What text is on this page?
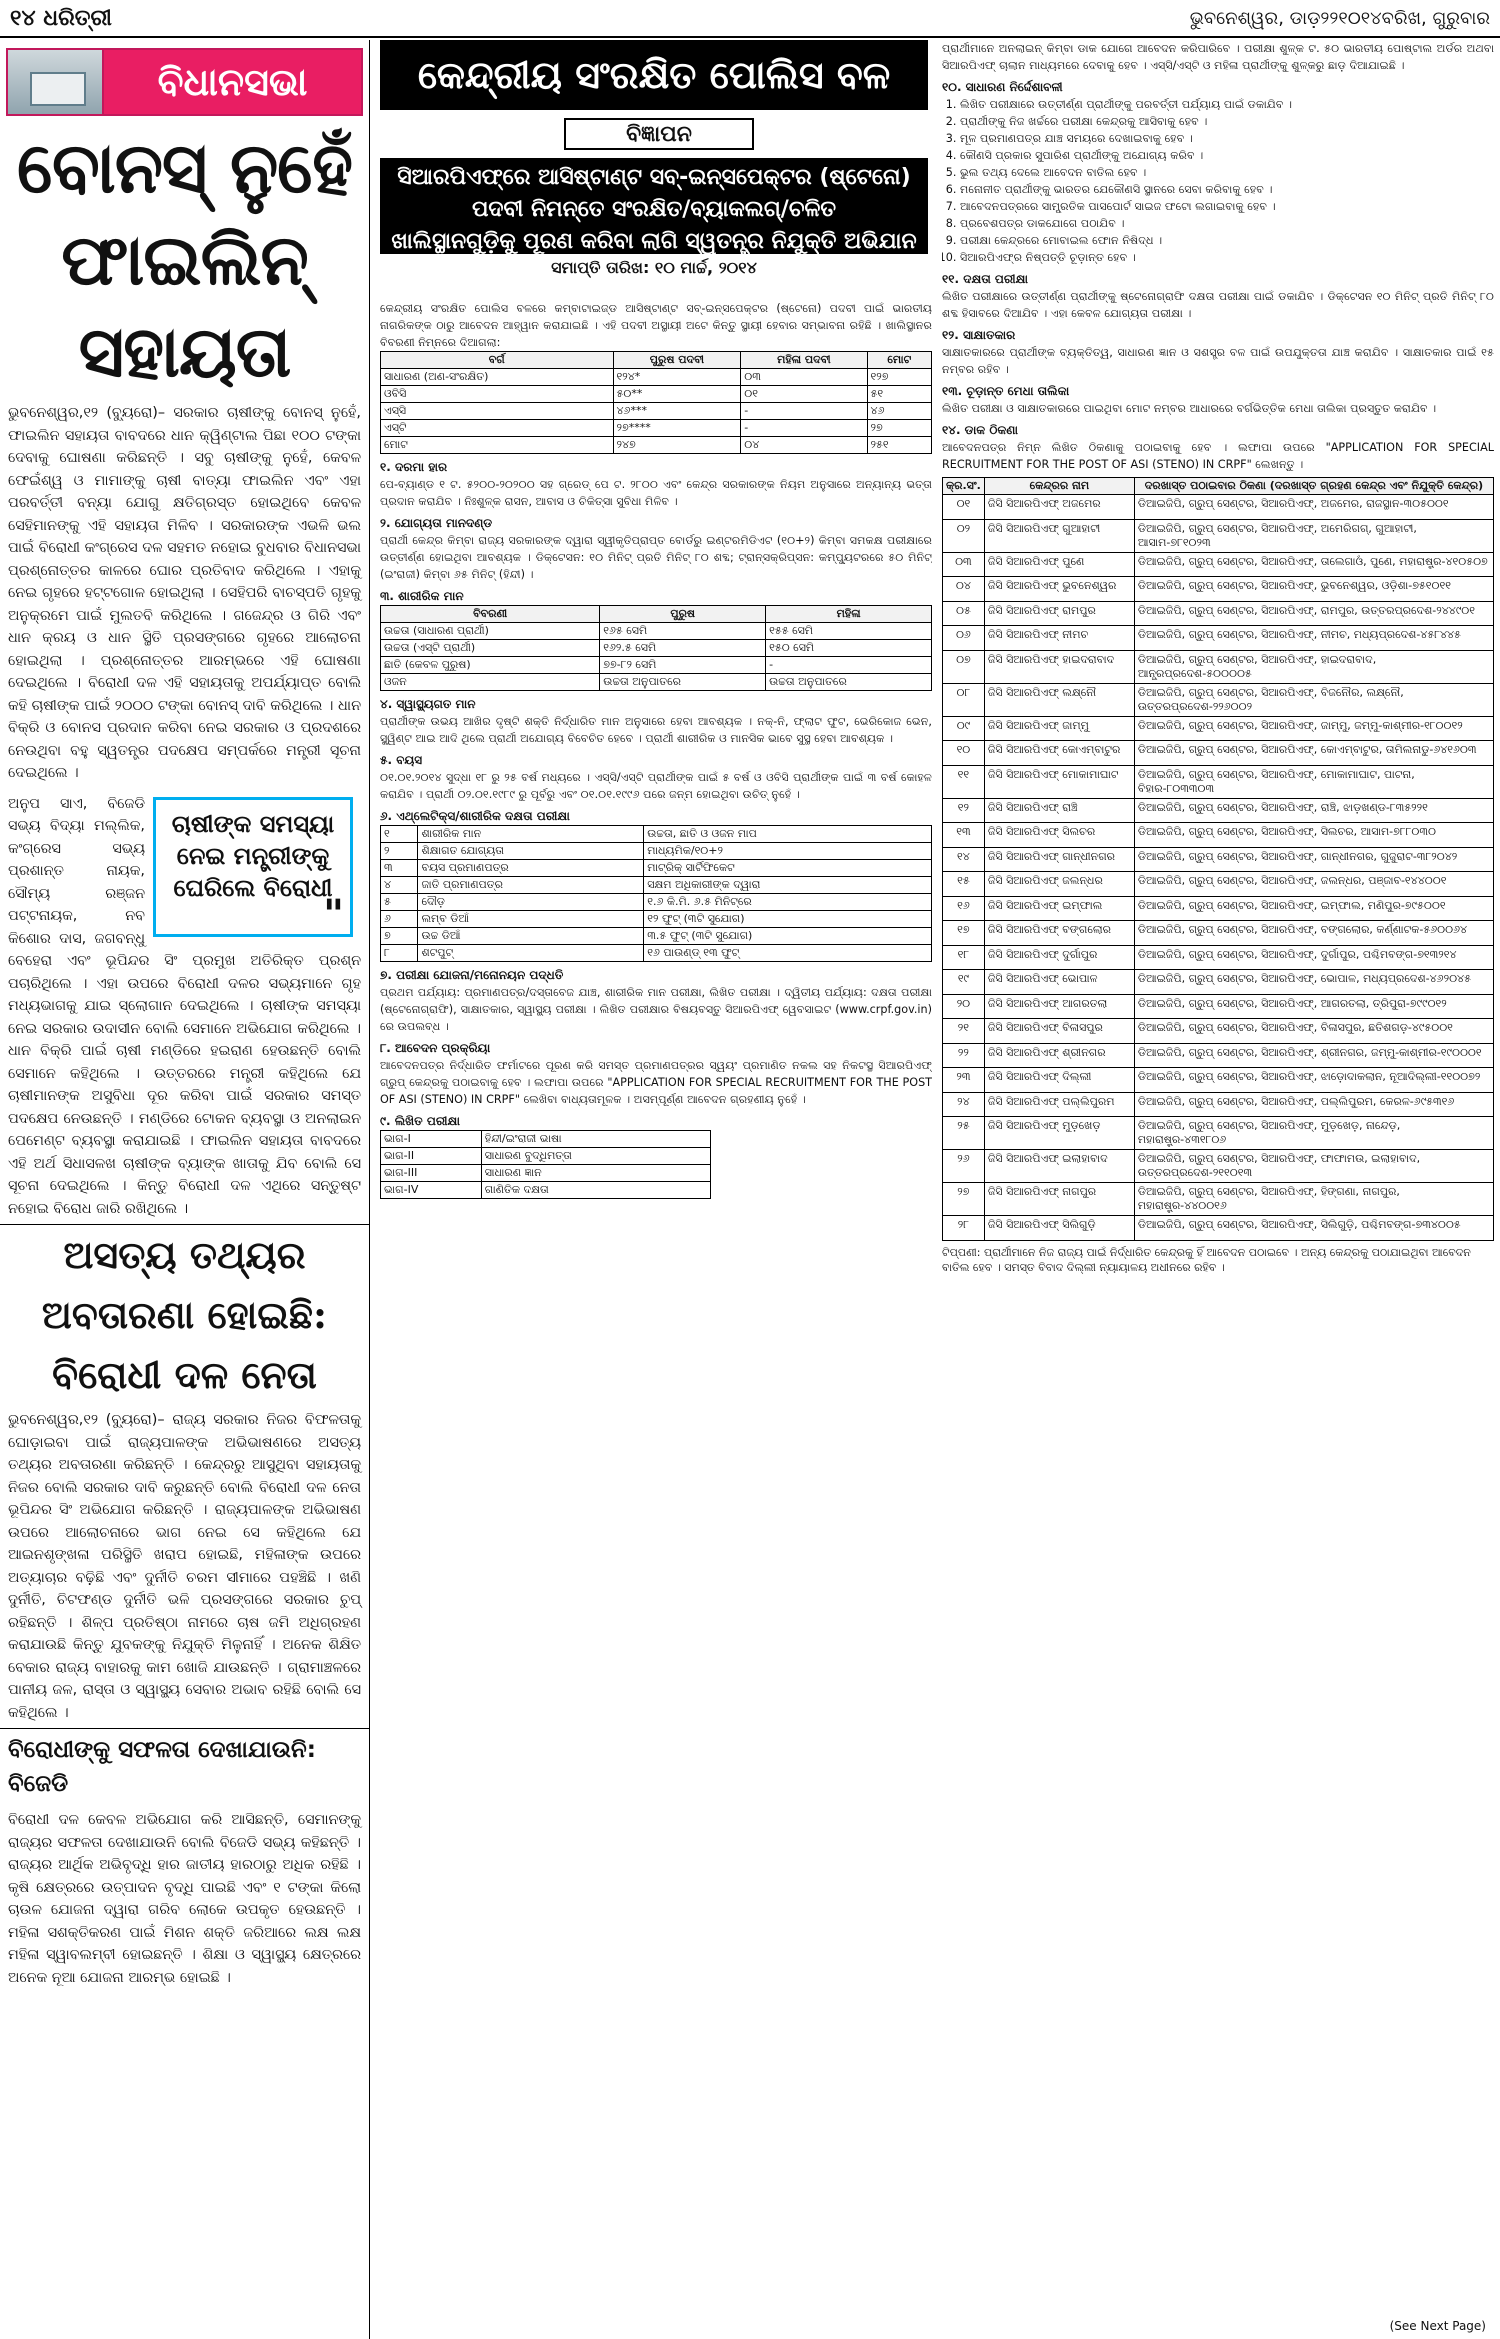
୧୪ ଧରିତ୍ରୀ	ଭୁବନେଶ୍ୱର, ଡାଡ଼୨୨୧୦୧୪ବରିଖ, ଗୁରୁବାର
ବିଧାନସଭା
ବୋନସ୍ ନୁହେଁ
ଫାଇଲିନ୍ ସହାୟତା
ଭୁବନେଶ୍ୱର,୧୨ (ବ୍ୟୁରୋ)– ସରକାର ଚାଷୀଙ୍କୁ ବୋନସ୍ ନୁହେଁ, ଫାଇଲିନ ସହାୟତା ବାବଦରେ ଧାନ କ୍ୱିଣ୍ଟାଲ ପିଛା ୧୦୦ ଟଙ୍କା ଦେବାକୁ ଘୋଷଣା କରିଛନ୍ତି । ସବୁ ଚାଷୀଙ୍କୁ ନୁହେଁ, କେବଳ ଫେଇଁଶ୍ୱ ଓ ମାମାଙ୍କୁ ଚାଷୀ ବାତ୍ୟା ଫାଇଲିନ ଏବଂ ଏହା ପରବର୍ତ୍ତୀ ବନ୍ୟା ଯୋଗୁ କ୍ଷତିଗ୍ରସ୍ତ ହୋଇଥିବେ କେବଳ ସେହିମାନଙ୍କୁ ଏହି ସହାୟତା ମିଳିବ । ସରକାରଙ୍କ ଏଭଳି ଭଲ ପାଇଁ ବିରୋଧୀ କଂଗ୍ରେସ ଦଳ ସହମତ ନହୋଇ ବୁଧବାର ବିଧାନସଭା ପ୍ରଶ୍ନୋତ୍ତର କାଳରେ ଘୋର ପ୍ରତିବାଦ କରିଥିଲେ । ଏହାକୁ ନେଇ ଗୃହରେ ହଟ୍ଟଗୋଳ ହୋଇଥିଲା । ସେହିପରି ବାଚସ୍ପତି ଗୃହକୁ ଅନୁକ୍ରମେ ପାଇଁ ମୁଲତବି କରିଥିଲେ । ଗଜେନ୍ଦ୍ର ଓ ଗିରି ଏବଂ ଧାନ କ୍ରୟ ଓ ଧାନ ସ୍ଥିତି ପ୍ରସଙ୍ଗରେ ଗୃହରେ ଆଲୋଚନା ହୋଇଥିଲା । ପ୍ରଶ୍ନୋତ୍ତର ଆରମ୍ଭରେ ଏହି ଘୋଷଣା ଦେଇଥିଲେ । ବିରୋଧୀ ଦଳ ଏହି ସହାୟତାକୁ ଅପର୍ଯ୍ୟାପ୍ତ ବୋଲି କହି ଚାଷୀଙ୍କ ପାଇଁ ୨୦୦୦ ଟଙ୍କା ବୋନସ୍ ଦାବି କରିଥିଲେ । ଧାନ ବିକ୍ରି ଓ ବୋନସ ପ୍ରଦାନ କରିବା ନେଇ ସରକାର ଓ ପ୍ରଦଶରେ ନେଉଥିବା ବହୁ ସ୍ୱତନ୍ତ୍ର ପଦକ୍ଷେପ ସମ୍ପର୍କରେ ମନ୍ତ୍ରୀ ସୂଚନା ଦେଇଥିଲେ ।
ଚାଷୀଙ୍କ ସମସ୍ୟା ନେଇ ମନ୍ତ୍ରୀଙ୍କୁ ଘେରିଲେ ବିରୋଧୀ
"
ଅନୁପ ସାଏ, ବିଜେଡି ସଭ୍ୟ ବିଦ୍ୟା ମଲ୍ଲିକ, କଂଗ୍ରେସ ସଭ୍ୟ ପ୍ରଶାନ୍ତ ନାୟକ, ସୌମ୍ୟ ରଞ୍ଜନ ପଟ୍ଟନାୟକ, ନବ କିଶୋର ଦାସ, ଜଗବନ୍ଧୁ ବେହେରା ଏବଂ ଭୂପିନ୍ଦର ସିଂ ପ୍ରମୁଖ ଅତିରିକ୍ତ ପ୍ରଶ୍ନ ପଚାରିଥିଲେ । ଏହା ଉପରେ ବିରୋଧୀ ଦଳର ସଭ୍ୟମାନେ ଗୃହ ମଧ୍ୟଭାଗକୁ ଯାଇ ସ୍ଲୋଗାନ ଦେଇଥିଲେ । ଚାଷୀଙ୍କ ସମସ୍ୟା ନେଇ ସରକାର ଉଦାସୀନ ବୋଲି ସେମାନେ ଅଭିଯୋଗ କରିଥିଲେ । ଧାନ ବିକ୍ରି ପାଇଁ ଚାଷୀ ମଣ୍ଡିରେ ହଇରାଣ ହେଉଛନ୍ତି ବୋଲି ସେମାନେ କହିଥିଲେ । ଉତ୍ତରରେ ମନ୍ତ୍ରୀ କହିଥିଲେ ଯେ ଚାଷୀମାନଙ୍କ ଅସୁବିଧା ଦୂର କରିବା ପାଇଁ ସରକାର ସମସ୍ତ ପଦକ୍ଷେପ ନେଉଛନ୍ତି । ମଣ୍ଡିରେ ଟୋକନ ବ୍ୟବସ୍ଥା ଓ ଅନଲାଇନ ପେମେଣ୍ଟ ବ୍ୟବସ୍ଥା କରାଯାଇଛି । ଫାଇଲିନ ସହାୟତା ବାବଦରେ ଏହି ଅର୍ଥ ସିଧାସଳଖ ଚାଷୀଙ୍କ ବ୍ୟାଙ୍କ ଖାତାକୁ ଯିବ ବୋଲି ସେ ସୂଚନା ଦେଇଥିଲେ । କିନ୍ତୁ ବିରୋଧୀ ଦଳ ଏଥିରେ ସନ୍ତୁଷ୍ଟ ନହୋଇ ବିରୋଧ ଜାରି ରଖିଥିଲେ ।
ଅସତ୍ୟ ତଥ୍ୟର ଅବତାରଣା ହୋଇଛି: ବିରୋଧୀ ଦଳ ନେତା
ଭୁବନେଶ୍ୱର,୧୨ (ବ୍ୟୁରୋ)– ରାଜ୍ୟ ସରକାର ନିଜର ବିଫଳତାକୁ ଘୋଡ଼ାଇବା ପାଇଁ ରାଜ୍ୟପାଳଙ୍କ ଅଭିଭାଷଣରେ ଅସତ୍ୟ ତଥ୍ୟର ଅବତାରଣା କରିଛନ୍ତି । କେନ୍ଦ୍ରରୁ ଆସୁଥିବା ସହାୟତାକୁ ନିଜର ବୋଲି ସରକାର ଦାବି କରୁଛନ୍ତି ବୋଲି ବିରୋଧୀ ଦଳ ନେତା ଭୂପିନ୍ଦର ସିଂ ଅଭିଯୋଗ କରିଛନ୍ତି । ରାଜ୍ୟପାଳଙ୍କ ଅଭିଭାଷଣ ଉପରେ ଆଲୋଚନାରେ ଭାଗ ନେଇ ସେ କହିଥିଲେ ଯେ ଆଇନଶୃଙ୍ଖଳା ପରିସ୍ଥିତି ଖରାପ ହୋଇଛି, ମହିଳାଙ୍କ ଉପରେ ଅତ୍ୟାଚାର ବଢ଼ିଛି ଏବଂ ଦୁର୍ନୀତି ଚରମ ସୀମାରେ ପହଞ୍ଚିଛି । ଖଣି ଦୁର୍ନୀତି, ଚିଟଫଣ୍ଡ ଦୁର୍ନୀତି ଭଳି ପ୍ରସଙ୍ଗରେ ସରକାର ଚୁପ୍ ରହିଛନ୍ତି । ଶିଳ୍ପ ପ୍ରତିଷ୍ଠା ନାମରେ ଚାଷ ଜମି ଅଧିଗ୍ରହଣ କରାଯାଉଛି କିନ୍ତୁ ଯୁବକଙ୍କୁ ନିଯୁକ୍ତି ମିଳୁନାହିଁ । ଅନେକ ଶିକ୍ଷିତ ବେକାର ରାଜ୍ୟ ବାହାରକୁ କାମ ଖୋଜି ଯାଉଛନ୍ତି । ଗ୍ରାମାଞ୍ଚଳରେ ପାନୀୟ ଜଳ, ରାସ୍ତା ଓ ସ୍ୱାସ୍ଥ୍ୟ ସେବାର ଅଭାବ ରହିଛି ବୋଲି ସେ କହିଥିଲେ ।
ବିରୋଧୀଙ୍କୁ ସଫଳତା ଦେଖାଯାଉନି: ବିଜେଡି
ବିରୋଧୀ ଦଳ କେବଳ ଅଭିଯୋଗ କରି ଆସିଛନ୍ତି, ସେମାନଙ୍କୁ ରାଜ୍ୟର ସଫଳତା ଦେଖାଯାଉନି ବୋଲି ବିଜେଡି ସଭ୍ୟ କହିଛନ୍ତି । ରାଜ୍ୟର ଆର୍ଥିକ ଅଭିବୃଦ୍ଧି ହାର ଜାତୀୟ ହାରଠାରୁ ଅଧିକ ରହିଛି । କୃଷି କ୍ଷେତ୍ରରେ ଉତ୍ପାଦନ ବୃଦ୍ଧି ପାଇଛି ଏବଂ ୧ ଟଙ୍କା କିଲୋ ଚାଉଳ ଯୋଜନା ଦ୍ୱାରା ଗରିବ ଲୋକେ ଉପକୃତ ହେଉଛନ୍ତି । ମହିଳା ସଶକ୍ତିକରଣ ପାଇଁ ମିଶନ ଶକ୍ତି ଜରିଆରେ ଲକ୍ଷ ଲକ୍ଷ ମହିଳା ସ୍ୱାବଲମ୍ବୀ ହୋଇଛନ୍ତି । ଶିକ୍ଷା ଓ ସ୍ୱାସ୍ଥ୍ୟ କ୍ଷେତ୍ରରେ ଅନେକ ନୂଆ ଯୋଜନା ଆରମ୍ଭ ହୋଇଛି ।
କେନ୍ଦ୍ରୀୟ ସଂରକ୍ଷିତ ପୋଲିସ ବଳ
ବିଜ୍ଞାପନ
ସିଆରପିଏଫ୍‌ରେ ଆସିଷ୍ଟାଣ୍ଟ ସବ୍-ଇନ୍‌ସପେକ୍ଟର (ଷ୍ଟେନୋ)
ପଦବୀ ନିମନ୍ତେ ସଂରକ୍ଷିତ/ବ୍ୟାକଲଗ୍/ଚଳିତ
ଖାଲିସ୍ଥାନଗୁଡ଼ିକୁ ପୂରଣ କରିବା ଲାଗି ସ୍ୱତନ୍ତ୍ର ନିଯୁକ୍ତି ଅଭିଯାନ
ସମାପ୍ତି ତାରିଖ: ୧୦ ମାର୍ଚ୍ଚ, ୨୦୧୪
କେନ୍ଦ୍ରୀୟ ସଂରକ୍ଷିତ ପୋଲିସ ବଳରେ କମ୍ବାଟାଇଜ୍ଡ ଆସିଷ୍ଟାଣ୍ଟ ସବ୍-ଇନ୍‌ସପେକ୍ଟର (ଷ୍ଟେନୋ) ପଦବୀ ପାଇଁ ଭାରତୀୟ ନାଗରିକଙ୍କ ଠାରୁ ଆବେଦନ ଆହ୍ୱାନ କରାଯାଇଛି । ଏହି ପଦବୀ ଅସ୍ଥାୟୀ ଅଟେ କିନ୍ତୁ ସ୍ଥାୟୀ ହେବାର ସମ୍ଭାବନା ରହିଛି । ଖାଲିସ୍ଥାନର ବିବରଣୀ ନିମ୍ନରେ ଦିଆଗଲା:
ବର୍ଗ	ପୁରୁଷ ପଦବୀ	ମହିଳା ପଦବୀ	ମୋଟ
ସାଧାରଣ (ଅଣ-ସଂରକ୍ଷିତ)	୧୨୪*	୦୩	୧୨୭
ଓବିସି	୫୦**	୦୧	୫୧
ଏସ୍‌ସି	୪୬***	-	୪୬
ଏସ୍‌ଟି	୨୭****	-	୨୭
ମୋଟ	୨୪୭	୦୪	୨୫୧
୧. ଦରମା ହାର
ପେ-ବ୍ୟାଣ୍ଡ ୧ ଟ. ୫୨୦୦-୨୦୨୦୦ ସହ ଗ୍ରେଡ୍ ପେ ଟ. ୨୮୦୦ ଏବଂ କେନ୍ଦ୍ର ସରକାରଙ୍କ ନିୟମ ଅନୁସାରେ ଅନ୍ୟାନ୍ୟ ଭତ୍ତା ପ୍ରଦାନ କରାଯିବ । ନିଃଶୁଳ୍କ ରାସନ, ଆବାସ ଓ ଚିକିତ୍ସା ସୁବିଧା ମିଳିବ ।
୨. ଯୋଗ୍ୟତା ମାନଦଣ୍ଡ
ପ୍ରାର୍ଥୀ କେନ୍ଦ୍ର କିମ୍ବା ରାଜ୍ୟ ସରକାରଙ୍କ ଦ୍ୱାରା ସ୍ୱୀକୃତିପ୍ରାପ୍ତ ବୋର୍ଡରୁ ଇଣ୍ଟରମିଡିଏଟ (୧୦+୨) କିମ୍ବା ସମକକ୍ଷ ପରୀକ୍ଷାରେ ଉତ୍ତୀର୍ଣ୍ଣ ହୋଇଥିବା ଆବଶ୍ୟକ । ଡିକ୍ଟେସନ: ୧୦ ମିନିଟ୍ ପ୍ରତି ମିନିଟ୍ ୮୦ ଶବ୍ଦ; ଟ୍ରାନ୍ସକ୍ରିପ୍‌ସନ: କମ୍ପ୍ୟୁଟରରେ ୫୦ ମିନିଟ୍ (ଇଂରାଜୀ) କିମ୍ବା ୬୫ ମିନିଟ୍ (ହିନ୍ଦୀ) ।
୩. ଶାରୀରିକ ମାନ
ବିବରଣୀ	ପୁରୁଷ	ମହିଳା
ଉଚ୍ଚତା (ସାଧାରଣ ପ୍ରାର୍ଥୀ)	୧୬୫ ସେମି	୧୫୫ ସେମି
ଉଚ୍ଚତା (ଏସ୍‌ଟି ପ୍ରାର୍ଥୀ)	୧୬୨.୫ ସେମି	୧୫୦ ସେମି
ଛାତି (କେବଳ ପୁରୁଷ)	୭୭-୮୨ ସେମି	-
ଓଜନ	ଉଚ୍ଚତା ଅନୁପାତରେ	ଉଚ୍ଚତା ଅନୁପାତରେ
୪. ସ୍ୱାସ୍ଥ୍ୟଗତ ମାନ
ପ୍ରାର୍ଥୀଙ୍କ ଉଭୟ ଆଖିର ଦୃଷ୍ଟି ଶକ୍ତି ନିର୍ଦ୍ଧାରିତ ମାନ ଅନୁସାରେ ହେବା ଆବଶ୍ୟକ । ନକ୍-ନି, ଫ୍ଲାଟ ଫୁଟ, ଭେରିକୋଜ ଭେନ, ସ୍କ୍ୱିଣ୍ଟ ଆଇ ଆଦି ଥିଲେ ପ୍ରାର୍ଥୀ ଅଯୋଗ୍ୟ ବିବେଚିତ ହେବେ । ପ୍ରାର୍ଥୀ ଶାରୀରିକ ଓ ମାନସିକ ଭାବେ ସୁସ୍ଥ ହେବା ଆବଶ୍ୟକ ।
୫. ବୟସ
୦୧.୦୧.୨୦୧୪ ସୁଦ୍ଧା ୧୮ ରୁ ୨୫ ବର୍ଷ ମଧ୍ୟରେ । ଏସ୍‌ସି/ଏସ୍‌ଟି ପ୍ରାର୍ଥୀଙ୍କ ପାଇଁ ୫ ବର୍ଷ ଓ ଓବିସି ପ୍ରାର୍ଥୀଙ୍କ ପାଇଁ ୩ ବର୍ଷ କୋହଳ କରାଯିବ । ପ୍ରାର୍ଥୀ ୦୨.୦୧.୧୯୮୯ ରୁ ପୂର୍ବରୁ ଏବଂ ୦୧.୦୧.୧୯୯୬ ପରେ ଜନ୍ମ ହୋଇଥିବା ଉଚିତ୍ ନୁହେଁ ।
୬. ଏଥ୍ଲେଟିକ୍ସ/ଶାରୀରିକ ଦକ୍ଷତା ପରୀକ୍ଷା
୧	ଶାରୀରିକ ମାନ	ଉଚ୍ଚତା, ଛାତି ଓ ଓଜନ ମାପ
୨	ଶିକ୍ଷାଗତ ଯୋଗ୍ୟତା	ମାଧ୍ୟମିକ/୧୦+୨
୩	ବୟସ ପ୍ରମାଣପତ୍ର	ମାଟ୍ରିକ୍ ସାର୍ଟିଫିକେଟ
୪	ଜାତି ପ୍ରମାଣପତ୍ର	ସକ୍ଷମ ଅଧିକାରୀଙ୍କ ଦ୍ୱାରା
୫	ଦୌଡ଼	୧.୬ କି.ମି. ୬.୫ ମିନିଟ୍‌ରେ
୬	ଲମ୍ବ ଡିଆଁ	୧୨ ଫୁଟ୍ (୩ଟି ସୁଯୋଗ)
୭	ଉଚ୍ଚ ଡିଆଁ	୩.୫ ଫୁଟ୍ (୩ଟି ସୁଯୋଗ)
୮	ଶଟପୁଟ୍	୧୬ ପାଉଣ୍ଡ୍ ୧୩ ଫୁଟ୍
୭. ପରୀକ୍ଷା ଯୋଜନା/ମନୋନୟନ ପଦ୍ଧତି
ପ୍ରଥମ ପର୍ଯ୍ୟାୟ: ପ୍ରମାଣପତ୍ର/ଦସ୍ତାବେଜ ଯାଞ୍ଚ, ଶାରୀରିକ ମାନ ପରୀକ୍ଷା, ଲିଖିତ ପରୀକ୍ଷା । ଦ୍ୱିତୀୟ ପର୍ଯ୍ୟାୟ: ଦକ୍ଷତା ପରୀକ୍ଷା (ଷ୍ଟେନୋଗ୍ରାଫି), ସାକ୍ଷାତକାର, ସ୍ୱାସ୍ଥ୍ୟ ପରୀକ୍ଷା । ଲିଖିତ ପରୀକ୍ଷାର ବିଷୟବସ୍ତୁ ସିଆରପିଏଫ୍ ୱେବସାଇଟ (www.crpf.gov.in) ରେ ଉପଲବ୍ଧ ।
୮. ଆବେଦନ ପ୍ରକ୍ରିୟା
ଆବେଦନପତ୍ର ନିର୍ଦ୍ଧାରିତ ଫର୍ମାଟରେ ପୂରଣ କରି ସମସ୍ତ ପ୍ରମାଣପତ୍ରର ସ୍ୱୟଂ ପ୍ରମାଣିତ ନକଲ ସହ ନିକଟସ୍ଥ ସିଆରପିଏଫ୍ ଗ୍ରୁପ୍ କେନ୍ଦ୍ରକୁ ପଠାଇବାକୁ ହେବ । ଲଫାପା ଉପରେ "APPLICATION FOR SPECIAL RECRUITMENT FOR THE POST OF ASI (STENO) IN CRPF" ଲେଖିବା ବାଧ୍ୟତାମୂଳକ । ଅସମ୍ପୂର୍ଣ୍ଣ ଆବେଦନ ଗ୍ରହଣୀୟ ନୁହେଁ ।
୯. ଲିଖିତ ପରୀକ୍ଷା
ଭାଗ-I	ହିନ୍ଦୀ/ଇଂରାଜୀ ଭାଷା
ଭାଗ-II	ସାଧାରଣ ବୁଦ୍ଧିମତ୍ତା
ଭାଗ-III	ସାଧାରଣ ଜ୍ଞାନ
ଭାଗ-IV	ଗାଣିତିକ ଦକ୍ଷତା
ପ୍ରାର୍ଥୀମାନେ ଅନଲାଇନ୍ କିମ୍ବା ଡାକ ଯୋଗେ ଆବେଦନ କରିପାରିବେ । ପରୀକ୍ଷା ଶୁଳ୍କ ଟ. ୫୦ ଭାରତୀୟ ପୋଷ୍ଟାଲ ଅର୍ଡର ଅଥବା ସିଆରପିଏଫ୍ ଚାଲାନ ମାଧ୍ୟମରେ ଦେବାକୁ ହେବ । ଏସ୍‌ସି/ଏସ୍‌ଟି ଓ ମହିଳା ପ୍ରାର୍ଥୀଙ୍କୁ ଶୁଳ୍କରୁ ଛାଡ଼ ଦିଆଯାଇଛି ।
୧୦. ସାଧାରଣ ନିର୍ଦ୍ଦେଶାବଳୀ
1. ଲିଖିତ ପରୀକ୍ଷାରେ ଉତ୍ତୀର୍ଣ୍ଣ ପ୍ରାର୍ଥୀଙ୍କୁ ପରବର୍ତ୍ତୀ ପର୍ଯ୍ୟାୟ ପାଇଁ ଡକାଯିବ ।
2. ପ୍ରାର୍ଥୀଙ୍କୁ ନିଜ ଖର୍ଚ୍ଚରେ ପରୀକ୍ଷା କେନ୍ଦ୍ରକୁ ଆସିବାକୁ ହେବ ।
3. ମୂଳ ପ୍ରମାଣପତ୍ର ଯାଞ୍ଚ ସମୟରେ ଦେଖାଇବାକୁ ହେବ ।
4. କୌଣସି ପ୍ରକାର ସୁପାରିଶ ପ୍ରାର୍ଥୀଙ୍କୁ ଅଯୋଗ୍ୟ କରିବ ।
5. ଭୁଲ ତଥ୍ୟ ଦେଲେ ଆବେଦନ ବାତିଲ ହେବ ।
6. ମନୋନୀତ ପ୍ରାର୍ଥୀଙ୍କୁ ଭାରତର ଯେକୌଣସି ସ୍ଥାନରେ ସେବା କରିବାକୁ ହେବ ।
7. ଆବେଦନପତ୍ରରେ ସାମ୍ପ୍ରତିକ ପାସପୋର୍ଟ ସାଇଜ ଫଟୋ ଲଗାଇବାକୁ ହେବ ।
8. ପ୍ରବେଶପତ୍ର ଡାକଯୋଗେ ପଠାଯିବ ।
9. ପରୀକ୍ଷା କେନ୍ଦ୍ରରେ ମୋବାଇଲ ଫୋନ ନିଷିଦ୍ଧ ।
10. ସିଆରପିଏଫ୍‌ର ନିଷ୍ପତ୍ତି ଚୂଡ଼ାନ୍ତ ହେବ ।
୧୧. ଦକ୍ଷତା ପରୀକ୍ଷା
ଲିଖିତ ପରୀକ୍ଷାରେ ଉତ୍ତୀର୍ଣ୍ଣ ପ୍ରାର୍ଥୀଙ୍କୁ ଷ୍ଟେନୋଗ୍ରାଫି ଦକ୍ଷତା ପରୀକ୍ଷା ପାଇଁ ଡକାଯିବ । ଡିକ୍ଟେସନ ୧୦ ମିନିଟ୍ ପ୍ରତି ମିନିଟ୍ ୮୦ ଶବ୍ଦ ହିସାବରେ ଦିଆଯିବ । ଏହା କେବଳ ଯୋଗ୍ୟତା ପରୀକ୍ଷା ।
୧୨. ସାକ୍ଷାତକାର
ସାକ୍ଷାତକାରରେ ପ୍ରାର୍ଥୀଙ୍କ ବ୍ୟକ୍ତିତ୍ୱ, ସାଧାରଣ ଜ୍ଞାନ ଓ ସଶସ୍ତ୍ର ବଳ ପାଇଁ ଉପଯୁକ୍ତତା ଯାଞ୍ଚ କରାଯିବ । ସାକ୍ଷାତକାର ପାଇଁ ୧୫ ନମ୍ବର ରହିବ ।
୧୩. ଚୂଡ଼ାନ୍ତ ମେଧା ତାଲିକା
ଲିଖିତ ପରୀକ୍ଷା ଓ ସାକ୍ଷାତକାରରେ ପାଇଥିବା ମୋଟ ନମ୍ବର ଆଧାରରେ ବର୍ଗଭିତ୍ତିକ ମେଧା ତାଲିକା ପ୍ରସ୍ତୁତ କରାଯିବ ।
୧୪. ଡାକ ଠିକଣା
ଆବେଦନପତ୍ର ନିମ୍ନ ଲିଖିତ ଠିକଣାକୁ ପଠାଇବାକୁ ହେବ । ଲଫାପା ଉପରେ "APPLICATION FOR SPECIAL RECRUITMENT FOR THE POST OF ASI (STENO) IN CRPF" ଲେଖନ୍ତୁ ।
କ୍ର.ସଂ.	କେନ୍ଦ୍ରର ନାମ	ଦରଖାସ୍ତ ପଠାଇବାର ଠିକଣା (ଦରଖାସ୍ତ ଗ୍ରହଣ କେନ୍ଦ୍ର ଏବଂ ନିଯୁକ୍ତି କେନ୍ଦ୍ର)
୦୧	ଜିସି ସିଆରପିଏଫ୍ ଅଜମେର	ଡିଆଇଜିପି, ଗ୍ରୁପ୍ ସେଣ୍ଟର, ସିଆରପିଏଫ୍, ଅଜମେର, ରାଜସ୍ଥାନ-୩୦୫୦୦୧
୦୨	ଜିସି ସିଆରପିଏଫ୍ ଗୁଆହାଟୀ	ଡିଆଇଜିପି, ଗ୍ରୁପ୍ ସେଣ୍ଟର, ସିଆରପିଏଫ୍, ଅମେରିଗଗ୍, ଗୁଆହାଟୀ, ଆସାମ-୭୮୧୦୨୩
୦୩	ଜିସି ସିଆରପିଏଫ୍ ପୁଣେ	ଡିଆଇଜିପି, ଗ୍ରୁପ୍ ସେଣ୍ଟର, ସିଆରପିଏଫ୍, ତାଲେଗାଓଁ, ପୁଣେ, ମହାରାଷ୍ଟ୍ର-୪୧୦୫୦୭
୦୪	ଜିସି ସିଆରପିଏଫ୍ ଭୁବନେଶ୍ୱର	ଡିଆଇଜିପି, ଗ୍ରୁପ୍ ସେଣ୍ଟର, ସିଆରପିଏଫ୍, ଭୁବନେଶ୍ୱର, ଓଡ଼ିଶା-୭୫୧୦୧୧
୦୫	ଜିସି ସିଆରପିଏଫ୍ ରାମପୁର	ଡିଆଇଜିପି, ଗ୍ରୁପ୍ ସେଣ୍ଟର, ସିଆରପିଏଫ୍, ରାମପୁର, ଉତ୍ତରପ୍ରଦେଶ-୨୪୪୯୦୧
୦୬	ଜିସି ସିଆରପିଏଫ୍ ନୀମଚ	ଡିଆଇଜିପି, ଗ୍ରୁପ୍ ସେଣ୍ଟର, ସିଆରପିଏଫ୍, ନୀମଚ, ମଧ୍ୟପ୍ରଦେଶ-୪୫୮୪୪୫
୦୭	ଜିସି ସିଆରପିଏଫ୍ ହାଇଦରାବାଦ	ଡିଆଇଜିପି, ଗ୍ରୁପ୍ ସେଣ୍ଟର, ସିଆରପିଏଫ୍, ହାଇଦରାବାଦ, ଆନ୍ଧ୍ରପ୍ରଦେଶ-୫୦୦୦୦୫
୦୮	ଜିସି ସିଆରପିଏଫ୍ ଲକ୍ଷ୍ନୌ	ଡିଆଇଜିପି, ଗ୍ରୁପ୍ ସେଣ୍ଟର, ସିଆରପିଏଫ୍, ବିଜନୌର, ଲକ୍ଷ୍ନୌ, ଉତ୍ତରପ୍ରଦେଶ-୨୨୬୦୦୨
୦୯	ଜିସି ସିଆରପିଏଫ୍ ଜାମ୍ମୁ	ଡିଆଇଜିପି, ଗ୍ରୁପ୍ ସେଣ୍ଟର, ସିଆରପିଏଫ୍, ଜାମ୍ମୁ, ଜମ୍ମୁ-କାଶ୍ମୀର-୧୮୦୦୧୨
୧୦	ଜିସି ସିଆରପିଏଫ୍ କୋଏମ୍ବାଟୁର	ଡିଆଇଜିପି, ଗ୍ରୁପ୍ ସେଣ୍ଟର, ସିଆରପିଏଫ୍, କୋଏମ୍ବାଟୁର, ତାମିଲନାଡୁ-୬୪୧୬୦୩
୧୧	ଜିସି ସିଆରପିଏଫ୍ ମୋକାମାଘାଟ	ଡିଆଇଜିପି, ଗ୍ରୁପ୍ ସେଣ୍ଟର, ସିଆରପିଏଫ୍, ମୋକାମାଘାଟ, ପାଟନା, ବିହାର-୮୦୩୩୦୩
୧୨	ଜିସି ସିଆରପିଏଫ୍ ରାଞ୍ଚି	ଡିଆଇଜିପି, ଗ୍ରୁପ୍ ସେଣ୍ଟର, ସିଆରପିଏଫ୍, ରାଞ୍ଚି, ଝାଡ଼ଖଣ୍ଡ-୮୩୫୨୨୧
୧୩	ଜିସି ସିଆରପିଏଫ୍ ସିଲଚର	ଡିଆଇଜିପି, ଗ୍ରୁପ୍ ସେଣ୍ଟର, ସିଆରପିଏଫ୍, ସିଲଚର, ଆସାମ-୭୮୮୦୩୦
୧୪	ଜିସି ସିଆରପିଏଫ୍ ଗାନ୍ଧୀନଗର	ଡିଆଇଜିପି, ଗ୍ରୁପ୍ ସେଣ୍ଟର, ସିଆରପିଏଫ୍, ଗାନ୍ଧୀନଗର, ଗୁଜୁରାଟ-୩୮୨୦୪୨
୧୫	ଜିସି ସିଆରପିଏଫ୍ ଜଲନ୍ଧର	ଡିଆଇଜିପି, ଗ୍ରୁପ୍ ସେଣ୍ଟର, ସିଆରପିଏଫ୍, ଜଲନ୍ଧର, ପଞ୍ଜାବ-୧୪୪୦୦୧
୧୬	ଜିସି ସିଆରପିଏଫ୍ ଇମ୍ଫାଲ	ଡିଆଇଜିପି, ଗ୍ରୁପ୍ ସେଣ୍ଟର, ସିଆରପିଏଫ୍, ଇମ୍ଫାଲ, ମଣିପୁର-୭୯୫୦୦୧
୧୭	ଜିସି ସିଆରପିଏଫ୍ ବଙ୍ଗଲୋର	ଡିଆଇଜିପି, ଗ୍ରୁପ୍ ସେଣ୍ଟର, ସିଆରପିଏଫ୍, ବଙ୍ଗଲୋର, କର୍ଣ୍ଣାଟକ-୫୬୦୦୬୪
୧୮	ଜିସି ସିଆରପିଏଫ୍ ଦୁର୍ଗାପୁର	ଡିଆଇଜିପି, ଗ୍ରୁପ୍ ସେଣ୍ଟର, ସିଆରପିଏଫ୍, ଦୁର୍ଗାପୁର, ପଶ୍ଚିମବଙ୍ଗ-୭୧୩୨୧୪
୧୯	ଜିସି ସିଆରପିଏଫ୍ ଭୋପାଳ	ଡିଆଇଜିପି, ଗ୍ରୁପ୍ ସେଣ୍ଟର, ସିଆରପିଏଫ୍, ଭୋପାଳ, ମଧ୍ୟପ୍ରଦେଶ-୪୬୨୦୪୫
୨୦	ଜିସି ସିଆରପିଏଫ୍ ଆଗରତଲା	ଡିଆଇଜିପି, ଗ୍ରୁପ୍ ସେଣ୍ଟର, ସିଆରପିଏଫ୍, ଆଗରତଲା, ତ୍ରିପୁରା-୭୯୯୦୧୨
୨୧	ଜିସି ସିଆରପିଏଫ୍ ବିଳାସପୁର	ଡିଆଇଜିପି, ଗ୍ରୁପ୍ ସେଣ୍ଟର, ସିଆରପିଏଫ୍, ବିଳାସପୁର, ଛତିଶଗଡ଼-୪୯୫୦୦୧
୨୨	ଜିସି ସିଆରପିଏଫ୍ ଶ୍ରୀନଗର	ଡିଆଇଜିପି, ଗ୍ରୁପ୍ ସେଣ୍ଟର, ସିଆରପିଏଫ୍, ଶ୍ରୀନଗର, ଜମ୍ମୁ-କାଶ୍ମୀର-୧୯୦୦୦୧
୨୩	ଜିସି ସିଆରପିଏଫ୍ ଦିଲ୍ଲୀ	ଡିଆଇଜିପି, ଗ୍ରୁପ୍ ସେଣ୍ଟର, ସିଆରପିଏଫ୍, ଝାଡ଼ୋଦାକଲାନ, ନୂଆଦିଲ୍ଲୀ-୧୧୦୦୭୨
୨୪	ଜିସି ସିଆରପିଏଫ୍ ପଲ୍ଲିପୁରମ	ଡିଆଇଜିପି, ଗ୍ରୁପ୍ ସେଣ୍ଟର, ସିଆରପିଏଫ୍, ପଲ୍ଲିପୁରମ, କେରଳ-୬୯୫୩୧୬
୨୫	ଜିସି ସିଆରପିଏଫ୍ ମୁଡ଼ଖେଡ଼	ଡିଆଇଜିପି, ଗ୍ରୁପ୍ ସେଣ୍ଟର, ସିଆରପିଏଫ୍, ମୁଡ଼ଖେଡ଼, ନାନ୍ଦେଡ଼, ମହାରାଷ୍ଟ୍ର-୪୩୧୮୦୬
୨୬	ଜିସି ସିଆରପିଏଫ୍ ଇଲାହାବାଦ	ଡିଆଇଜିପି, ଗ୍ରୁପ୍ ସେଣ୍ଟର, ସିଆରପିଏଫ୍, ଫାଫାମଉ, ଇଲାହାବାଦ, ଉତ୍ତରପ୍ରଦେଶ-୨୧୧୦୧୩
୨୭	ଜିସି ସିଆରପିଏଫ୍ ନାଗପୁର	ଡିଆଇଜିପି, ଗ୍ରୁପ୍ ସେଣ୍ଟର, ସିଆରପିଏଫ୍, ହିଙ୍ଗଣା, ନାଗପୁର, ମହାରାଷ୍ଟ୍ର-୪୪୦୦୧୬
୨୮	ଜିସି ସିଆରପିଏଫ୍ ସିଲିଗୁଡ଼ି	ଡିଆଇଜିପି, ଗ୍ରୁପ୍ ସେଣ୍ଟର, ସିଆରପିଏଫ୍, ସିଲିଗୁଡ଼ି, ପଶ୍ଚିମବଙ୍ଗ-୭୩୪୦୦୫
ଟିପ୍ପଣୀ: ପ୍ରାର୍ଥୀମାନେ ନିଜ ରାଜ୍ୟ ପାଇଁ ନିର୍ଦ୍ଧାରିତ କେନ୍ଦ୍ରକୁ ହିଁ ଆବେଦନ ପଠାଇବେ । ଅନ୍ୟ କେନ୍ଦ୍ରକୁ ପଠାଯାଇଥିବା ଆବେଦନ ବାତିଲ ହେବ । ସମସ୍ତ ବିବାଦ ଦିଲ୍ଲୀ ନ୍ୟାୟାଳୟ ଅଧୀନରେ ରହିବ ।
(See Next Page)
